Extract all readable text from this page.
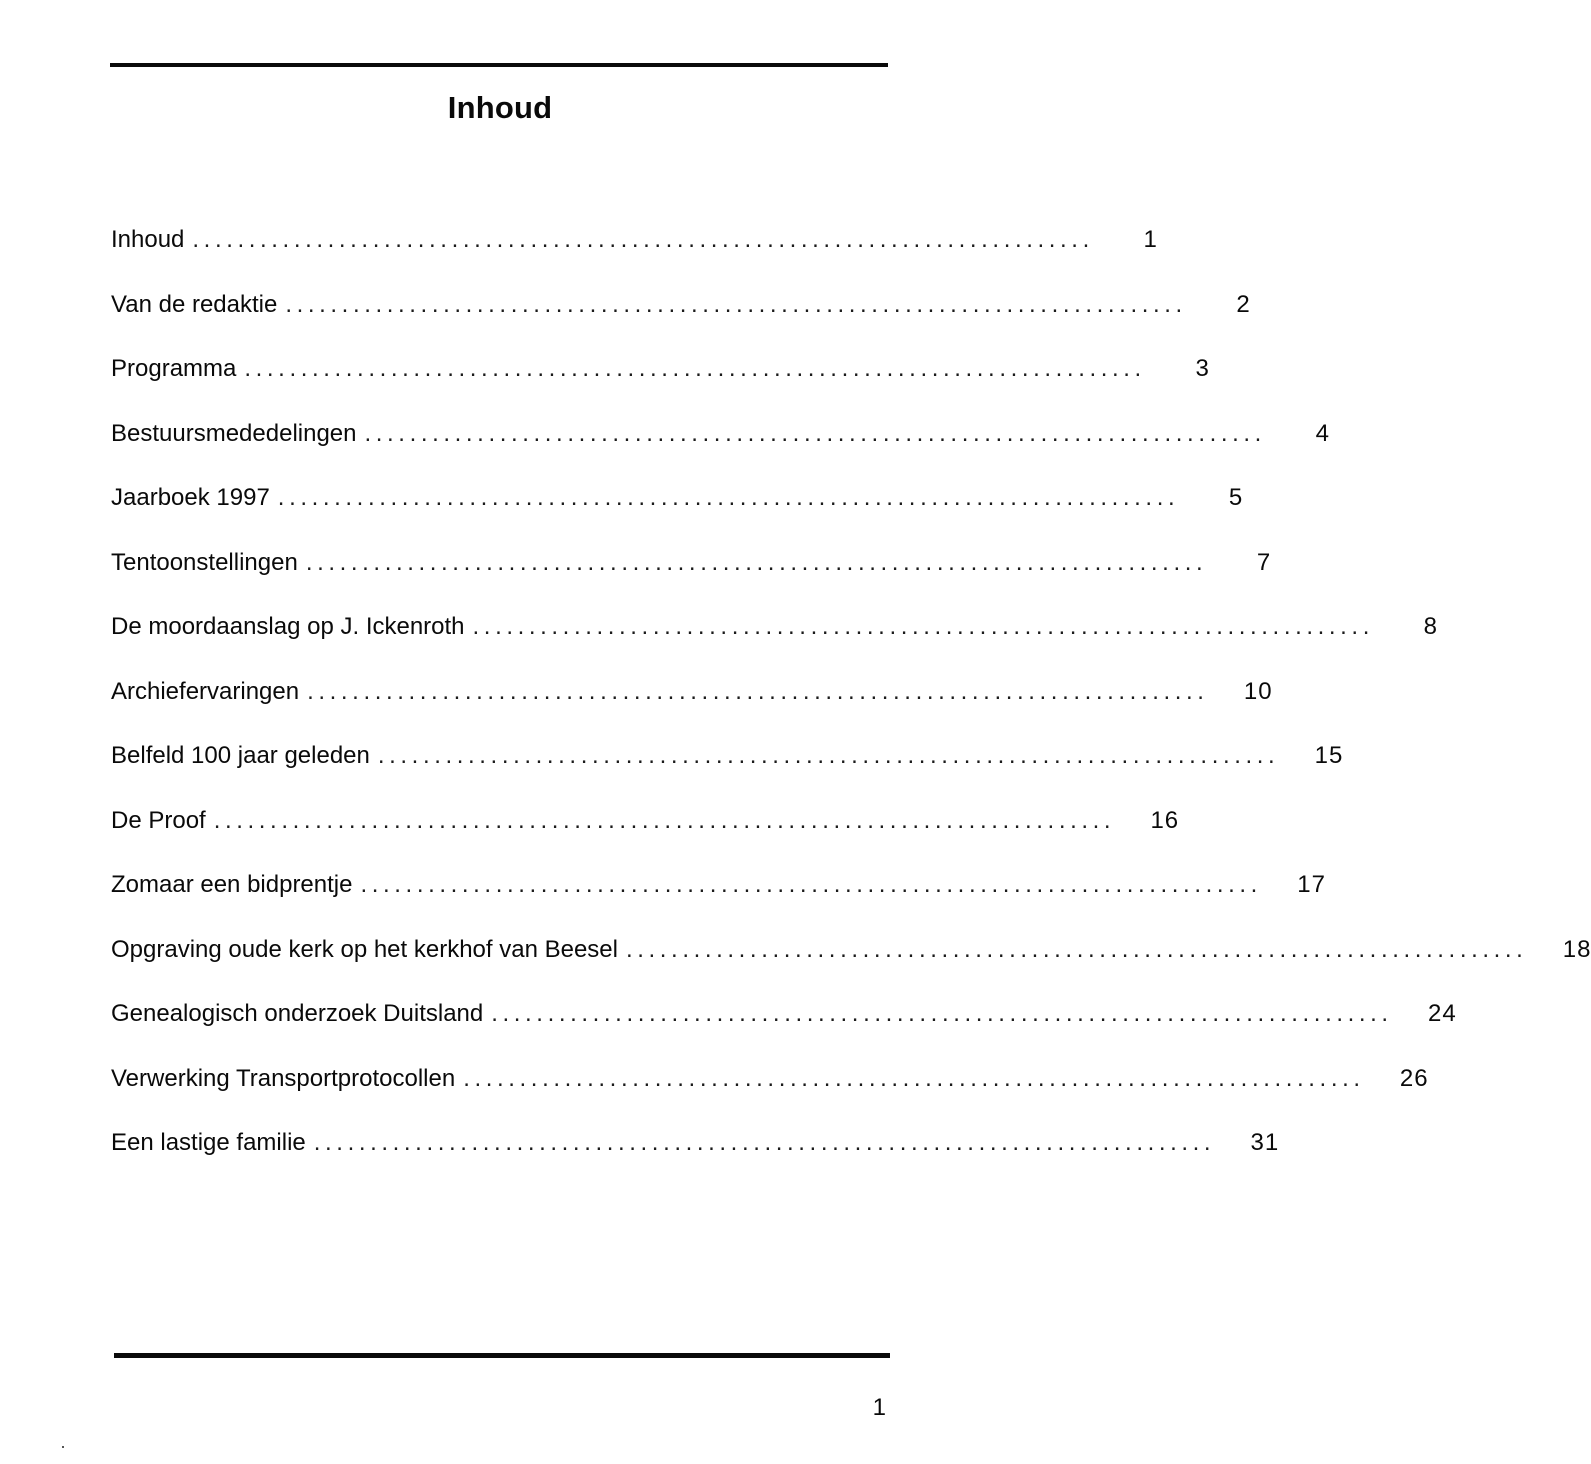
Inhoud
Inhoud ................................................................................	1
Van de redaktie ................................................................................	2
Programma ................................................................................	3
Bestuursmededelingen ................................................................................	4
Jaarboek 1997 ................................................................................	5
Tentoonstellingen ................................................................................	7
De moordaanslag op J. Ickenroth ................................................................................	8
Archiefervaringen ................................................................................	10
Belfeld 100 jaar geleden ................................................................................	15
De Proof ................................................................................	16
Zomaar een bidprentje ................................................................................	17
Opgraving oude kerk op het kerkhof van Beesel ................................................................................	18
Genealogisch onderzoek Duitsland ................................................................................	24
Verwerking Transportprotocollen ................................................................................	26
Een lastige familie ................................................................................	31
1
